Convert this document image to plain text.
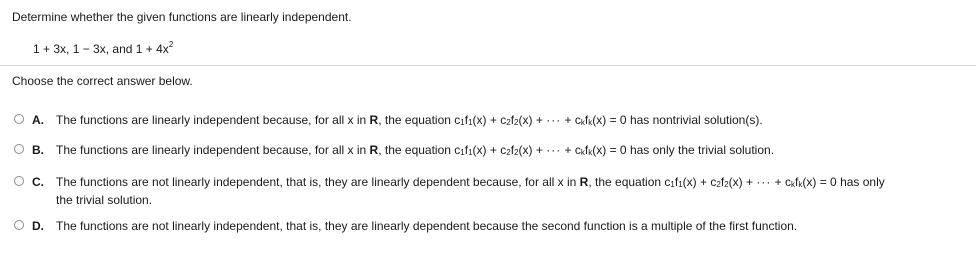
Determine whether the given functions are linearly independent.
1 + 3x, 1 − 3x, and $1 + 4x^2$
Choose the correct answer below.
A. The functions are linearly independent because, for all x in R, the equation $c_1f_1(x) + c_2f_2(x)$ + ··· + $c_kf_k(x) = 0$ has nontrivial solution(s).
B. The functions are linearly independent because, for all x in R, the equation $c_1f_1(x) + c_2f_2(x)$ + ··· + $c_kf_k(x) = 0$ has only the trivial solution.
C. The functions are not linearly independent, that is, they are linearly dependent because, for all x in R, the equation $c_1f_1(x) + c_2f_2(x)$ + ··· + $c_kf_k(x) = 0$ has only
the trivial solution.
D. The functions are not linearly independent, that is, they are linearly dependent because the second function is a multiple of the first function.
